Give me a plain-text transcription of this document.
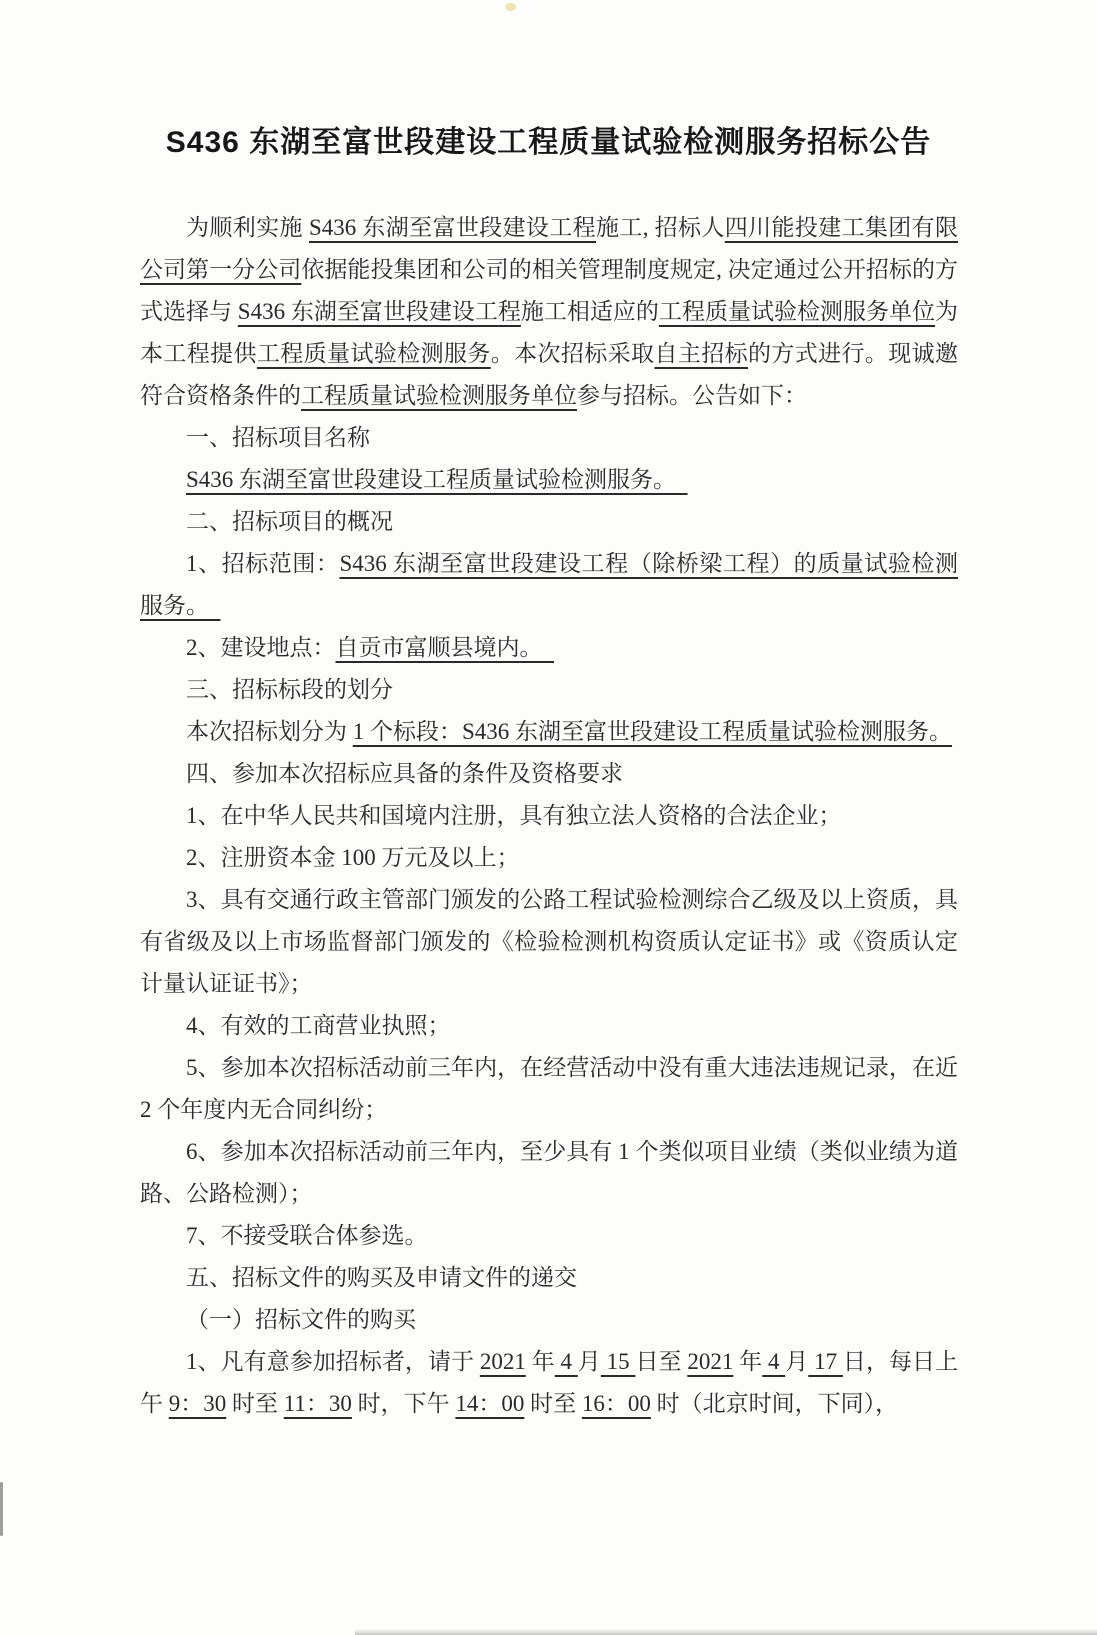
S436 东湖至富世段建设工程质量试验检测服务招标公告

为顺利实施 S436 东湖至富世段建设工程施工, 招标人四川能投建工集团有限公司第一分公司依据能投集团和公司的相关管理制度规定, 决定通过公开招标的方式选择与 S436 东湖至富世段建设工程施工相适应的工程质量试验检测服务单位为本工程提供工程质量试验检测服务。本次招标采取自主招标的方式进行。现诚邀符合资格条件的工程质量试验检测服务单位参与招标。公告如下：

一、招标项目名称

S436 东湖至富世段建设工程质量试验检测服务。　

二、招标项目的概况

1、招标范围：S436 东湖至富世段建设工程（除桥梁工程）的质量试验检测服务。　

2、建设地点：自贡市富顺县境内。　

三、招标标段的划分

本次招标划分为 1 个标段：S436 东湖至富世段建设工程质量试验检测服务。

四、参加本次招标应具备的条件及资格要求

1、在中华人民共和国境内注册，具有独立法人资格的合法企业；

2、注册资本金 100 万元及以上；

3、具有交通行政主管部门颁发的公路工程试验检测综合乙级及以上资质，具有省级及以上市场监督部门颁发的《检验检测机构资质认定证书》或《资质认定计量认证证书》；

4、有效的工商营业执照；

5、参加本次招标活动前三年内，在经营活动中没有重大违法违规记录，在近 2 个年度内无合同纠纷；

6、参加本次招标活动前三年内，至少具有 1 个类似项目业绩（类似业绩为道路、公路检测）；

7、不接受联合体参选。

五、招标文件的购买及申请文件的递交

（一）招标文件的购买

1、凡有意参加招标者，请于 2021 年 4 月 15 日至 2021 年 4 月 17 日，每日上午 9：30 时至 11：30 时，下午 14：00 时至 16：00 时（北京时间，下同），
